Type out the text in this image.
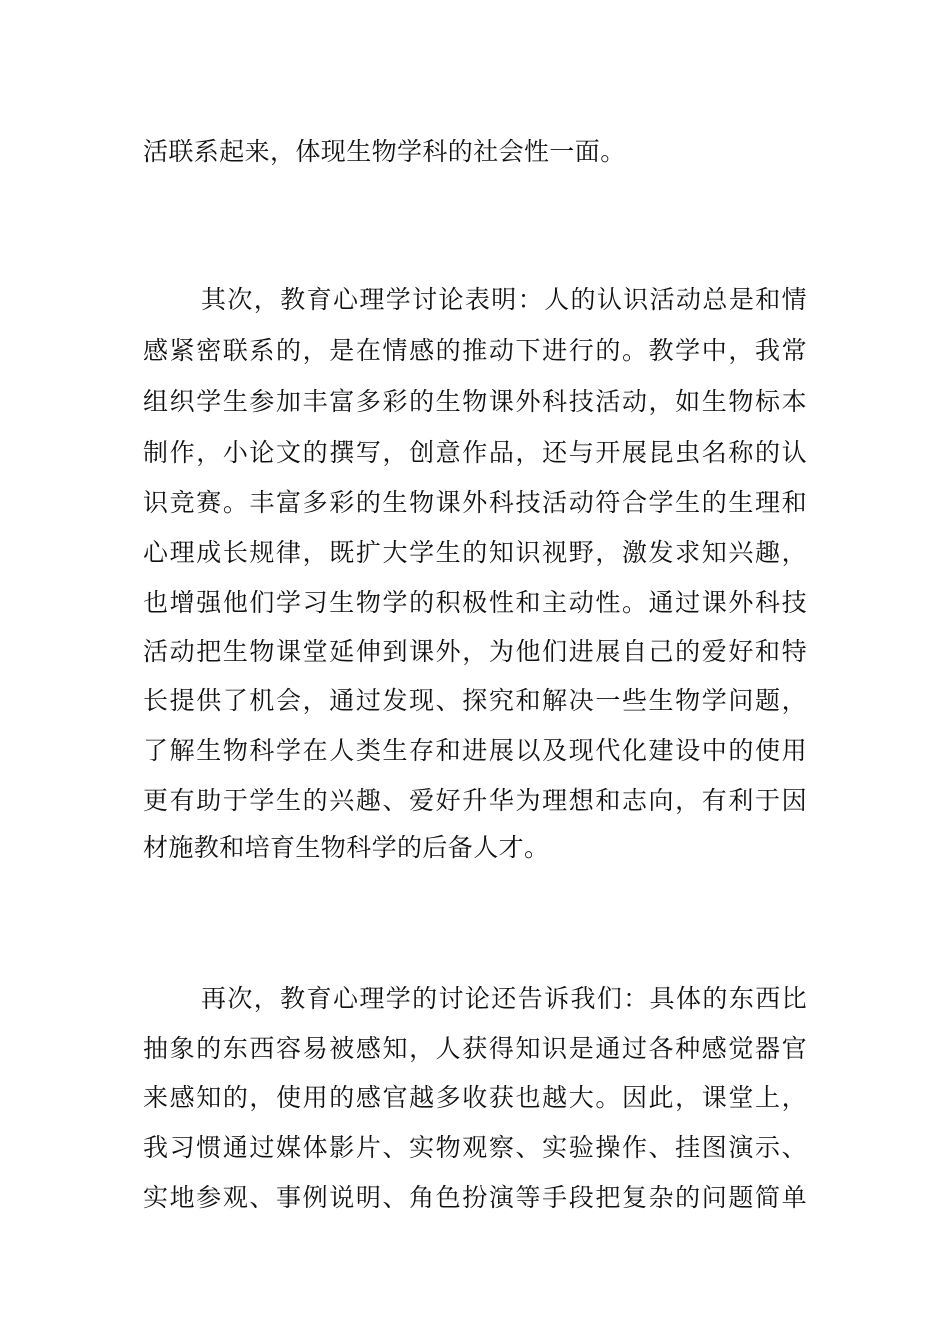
活联系起来，体现生物学科的社会性一面。
其次，教育心理学讨论表明：人的认识活动总是和情
感紧密联系的，是在情感的推动下进行的。教学中，我常
组织学生参加丰富多彩的生物课外科技活动，如生物标本
制作，小论文的撰写，创意作品，还与开展昆虫名称的认
识竞赛。丰富多彩的生物课外科技活动符合学生的生理和
心理成长规律，既扩大学生的知识视野，激发求知兴趣，
也增强他们学习生物学的积极性和主动性。通过课外科技
活动把生物课堂延伸到课外，为他们进展自己的爱好和特
长提供了机会，通过发现、探究和解决一些生物学问题，
了解生物科学在人类生存和进展以及现代化建设中的使用
更有助于学生的兴趣、爱好升华为理想和志向，有利于因
材施教和培育生物科学的后备人才。
再次，教育心理学的讨论还告诉我们：具体的东西比
抽象的东西容易被感知，人获得知识是通过各种感觉器官
来感知的，使用的感官越多收获也越大。因此，课堂上，
我习惯通过媒体影片、实物观察、实验操作、挂图演示、
实地参观、事例说明、角色扮演等手段把复杂的问题简单
